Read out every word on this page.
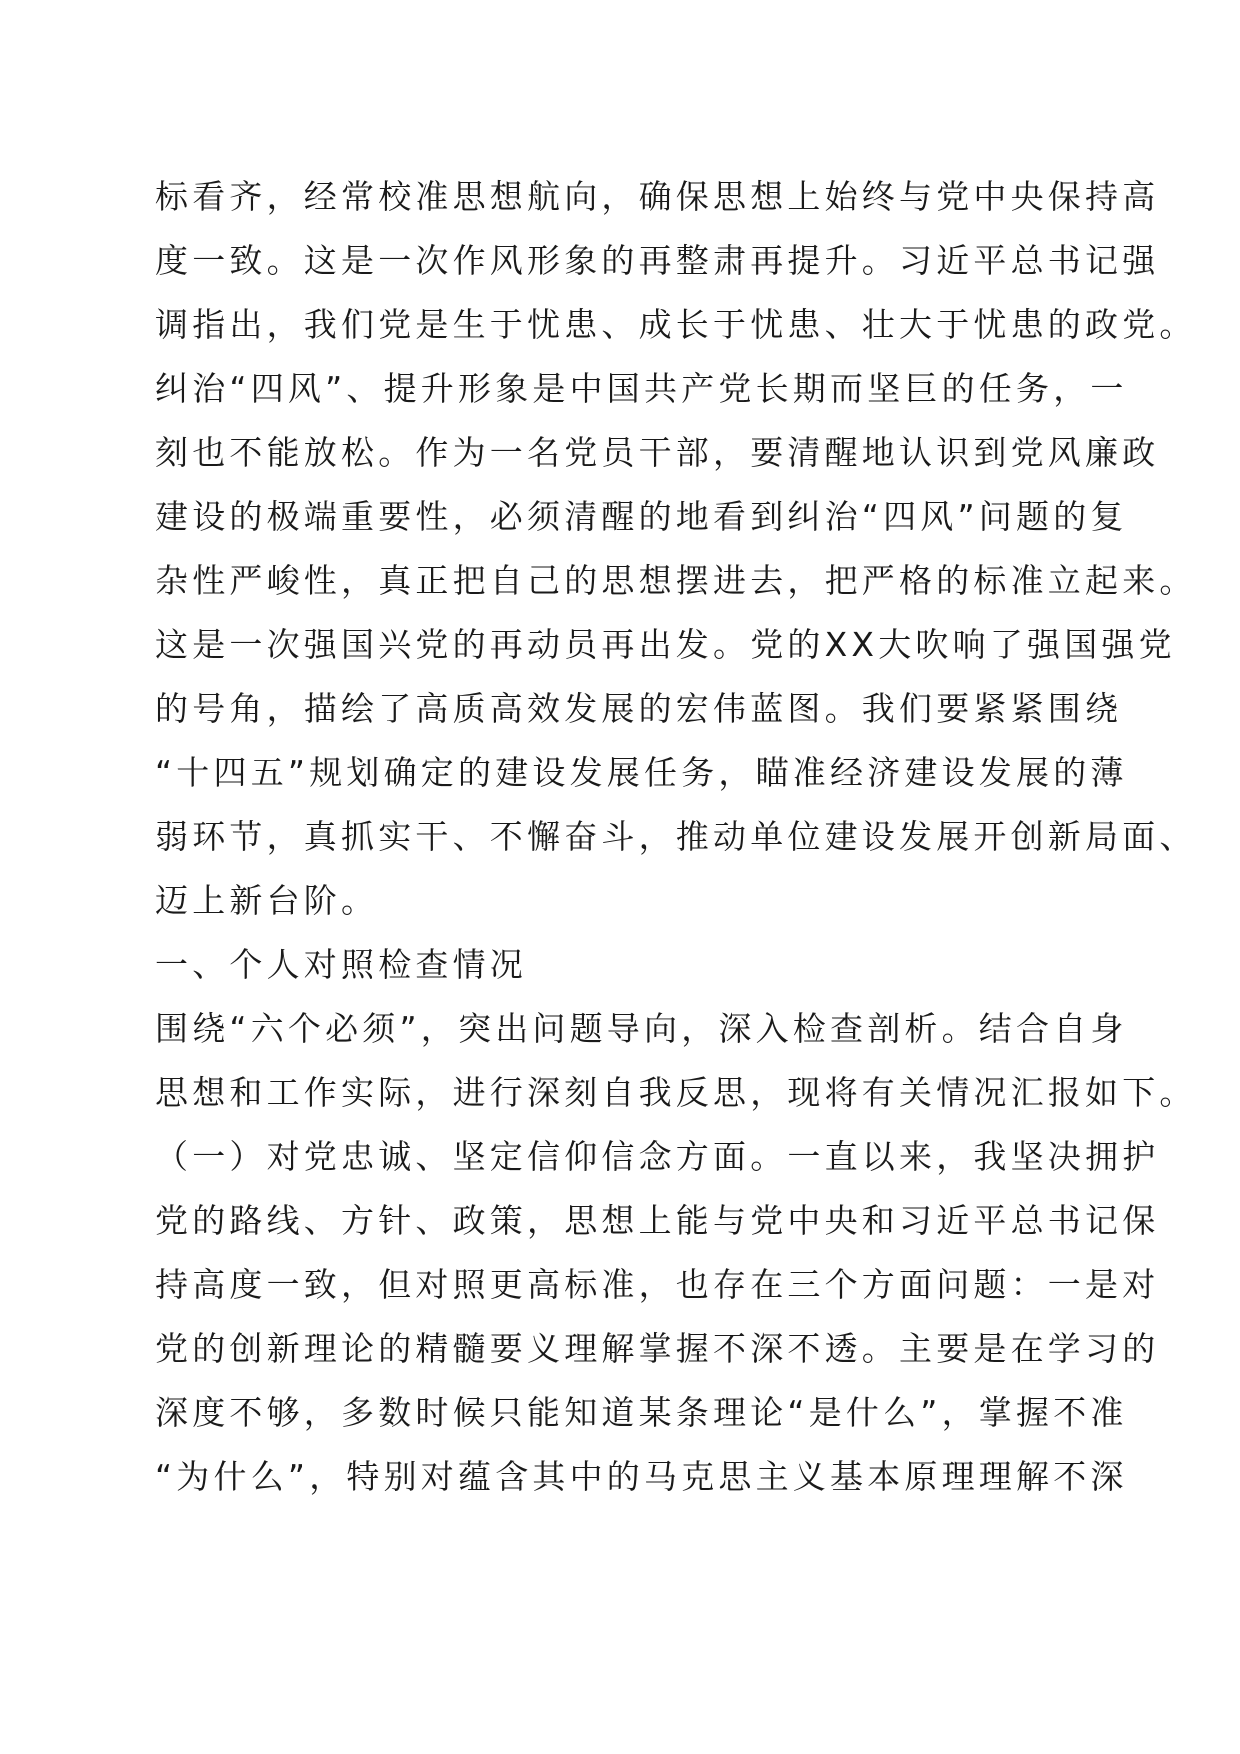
标看齐，经常校准思想航向，确保思想上始终与党中央保持高
度一致。这是一次作风形象的再整肃再提升。习近平总书记强
调指出，我们党是生于忧患、成长于忧患、壮大于忧患的政党。
纠治“四风”、提升形象是中国共产党长期而坚巨的任务，一
刻也不能放松。作为一名党员干部，要清醒地认识到党风廉政
建设的极端重要性，必须清醒的地看到纠治“四风”问题的复
杂性严峻性，真正把自己的思想摆进去，把严格的标准立起来。
这是一次强国兴党的再动员再出发。党的XX大吹响了强国强党
的号角，描绘了高质高效发展的宏伟蓝图。我们要紧紧围绕
“十四五”规划确定的建设发展任务，瞄准经济建设发展的薄
弱环节，真抓实干、不懈奋斗，推动单位建设发展开创新局面、
迈上新台阶。
一、个人对照检查情况
围绕“六个必须”，突出问题导向，深入检查剖析。结合自身
思想和工作实际，进行深刻自我反思，现将有关情况汇报如下。
（一）对党忠诚、坚定信仰信念方面。一直以来，我坚决拥护
党的路线、方针、政策，思想上能与党中央和习近平总书记保
持高度一致，但对照更高标准，也存在三个方面问题：一是对
党的创新理论的精髓要义理解掌握不深不透。主要是在学习的
深度不够，多数时候只能知道某条理论“是什么”，掌握不准
“为什么”，特别对蕴含其中的马克思主义基本原理理解不深
